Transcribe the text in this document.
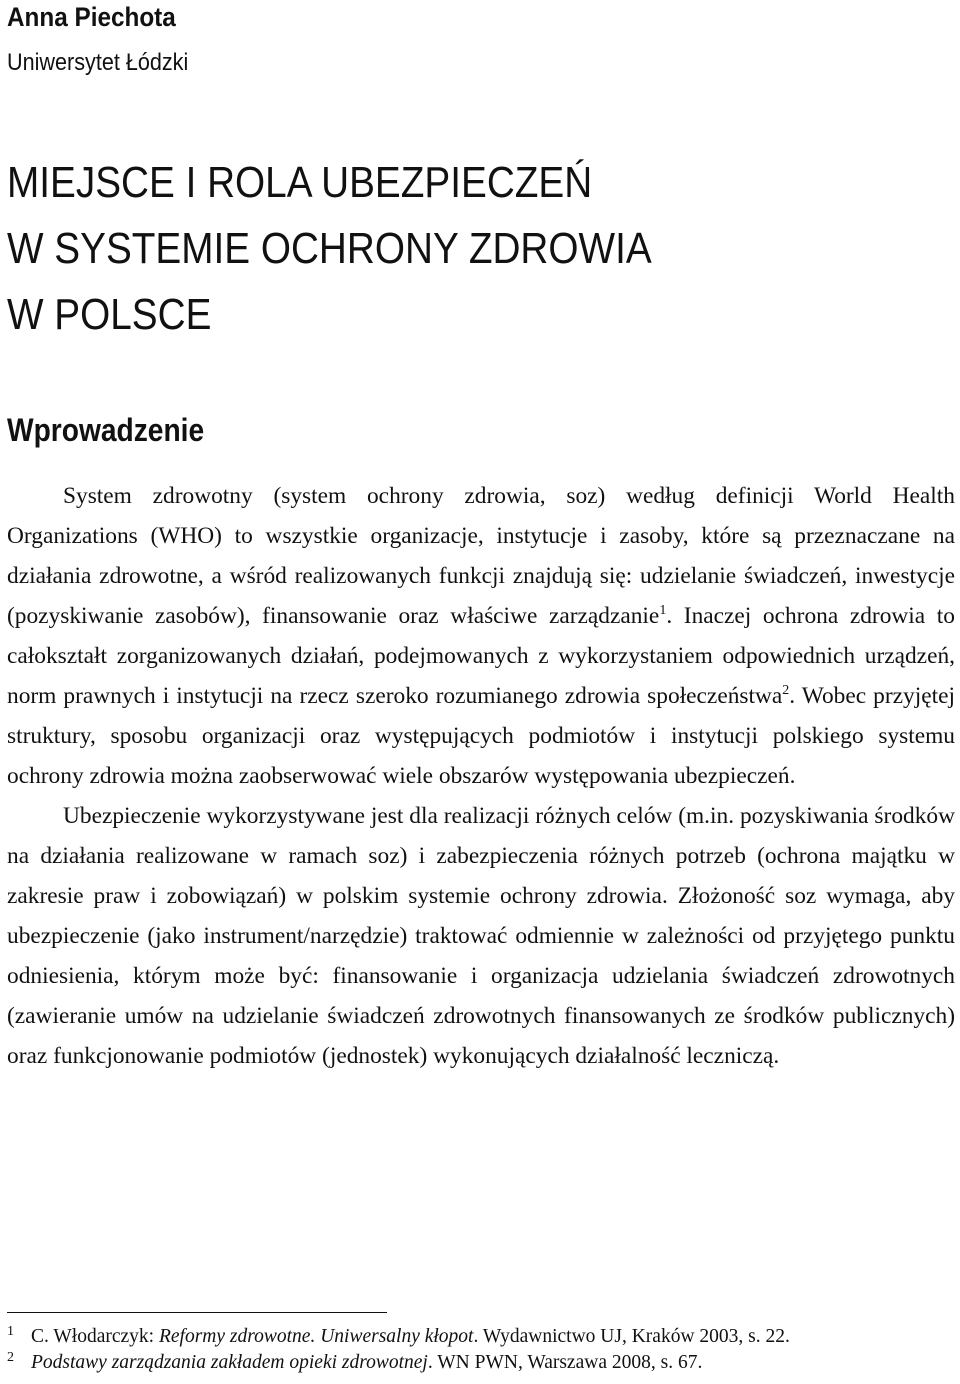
Anna Piechota
Uniwersytet Łódzki
MIEJSCE I ROLA UBEZPIECZEŃ
W SYSTEMIE OCHRONY ZDROWIA
W POLSCE
Wprowadzenie

System zdrowotny (system ochrony zdrowia, soz) według definicji World Health Organizations (WHO) to wszystkie organizacje, instytucje i zasoby, które są przeznaczane na działania zdrowotne, a wśród realizowanych funkcji znajdują się: udzielanie świadczeń, inwestycje (pozyskiwanie zasobów), finansowanie oraz właściwe zarządzanie$^1$. Inaczej ochrona zdrowia to całokształt zorganizowanych działań, podejmowanych z wykorzystaniem odpowiednich urządzeń, norm prawnych i instytucji na rzecz szeroko rozumianego zdrowia społeczeństwa$^2$. Wobec przyjętej struktury, sposobu organizacji oraz występujących podmiotów i instytucji polskiego systemu ochrony zdrowia można zaobserwować wiele obszarów występowania ubezpieczeń.

Ubezpieczenie wykorzystywane jest dla realizacji różnych celów (m.in. pozyskiwania środków na działania realizowane w ramach soz) i zabezpieczenia różnych potrzeb (ochrona majątku w zakresie praw i zobowiązań) w polskim systemie ochrony zdrowia. Złożoność soz wymaga, aby ubezpieczenie (jako instrument/narzędzie) traktować odmiennie w zależności od przyjętego punktu odniesienia, którym może być: finansowanie i organizacja udzielania świadczeń zdrowotnych (zawieranie umów na udzielanie świadczeń zdrowotnych finansowanych ze środków publicznych) oraz funkcjonowanie podmiotów (jednostek) wykonujących działalność leczniczą.

1 C. Włodarczyk: Reformy zdrowotne. Uniwersalny kłopot. Wydawnictwo UJ, Kraków 2003, s. 22.
2 Podstawy zarządzania zakładem opieki zdrowotnej. WN PWN, Warszawa 2008, s. 67.
